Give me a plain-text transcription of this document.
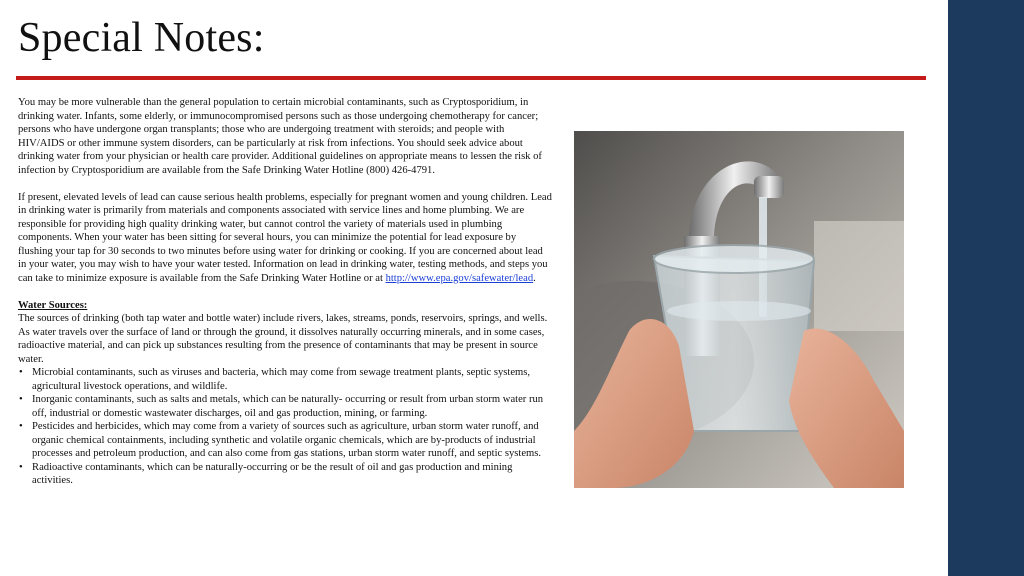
Special Notes:

You may be more vulnerable than the general population to certain microbial contaminants, such as Cryptosporidium, in drinking water. Infants, some elderly, or immunocompromised persons such as those undergoing chemotherapy for cancer; persons who have undergone organ transplants; those who are undergoing treatment with steroids; and people with HIV/AIDS or other immune system disorders, can be particularly at risk from infections. You should seek advice about drinking water from your physician or health care provider. Additional guidelines on appropriate means to lessen the risk of infection by Cryptosporidium are available from the Safe Drinking Water Hotline (800) 426-4791.

If present, elevated levels of lead can cause serious health problems, especially for pregnant women and young children. Lead in drinking water is primarily from materials and components associated with service lines and home plumbing. We are responsible for providing high quality drinking water, but cannot control the variety of materials used in plumbing components. When your water has been sitting for several hours, you can minimize the potential for lead exposure by flushing your tap for 30 seconds to two minutes before using water for drinking or cooking. If you are concerned about lead in your water, you may wish to have your water tested. Information on lead in drinking water, testing methods, and steps you can take to minimize exposure is available from the Safe Drinking Water Hotline or at http://www.epa.gov/safewater/lead.

Water Sources:
The sources of drinking (both tap water and bottle water) include rivers, lakes, streams, ponds, reservoirs, springs, and wells. As water travels over the surface of land or through the ground, it dissolves naturally occurring minerals, and in some cases, radioactive material, and can pick up substances resulting from the presence of contaminants that may be present in source water.
• Microbial contaminants, such as viruses and bacteria, which may come from sewage treatment plants, septic systems, agricultural livestock operations, and wildlife.
• Inorganic contaminants, such as salts and metals, which can be naturally- occurring or result from urban storm water run off, industrial or domestic wastewater discharges, oil and gas production, mining, or farming.
• Pesticides and herbicides, which may come from a variety of sources such as agriculture, urban storm water runoff, and organic chemical containments, including synthetic and volatile organic chemicals, which are by-products of industrial processes and petroleum production, and can also come from gas stations, urban storm water runoff, and septic systems.
• Radioactive contaminants, which can be naturally-occurring or be the result of oil and gas production and mining activities.
